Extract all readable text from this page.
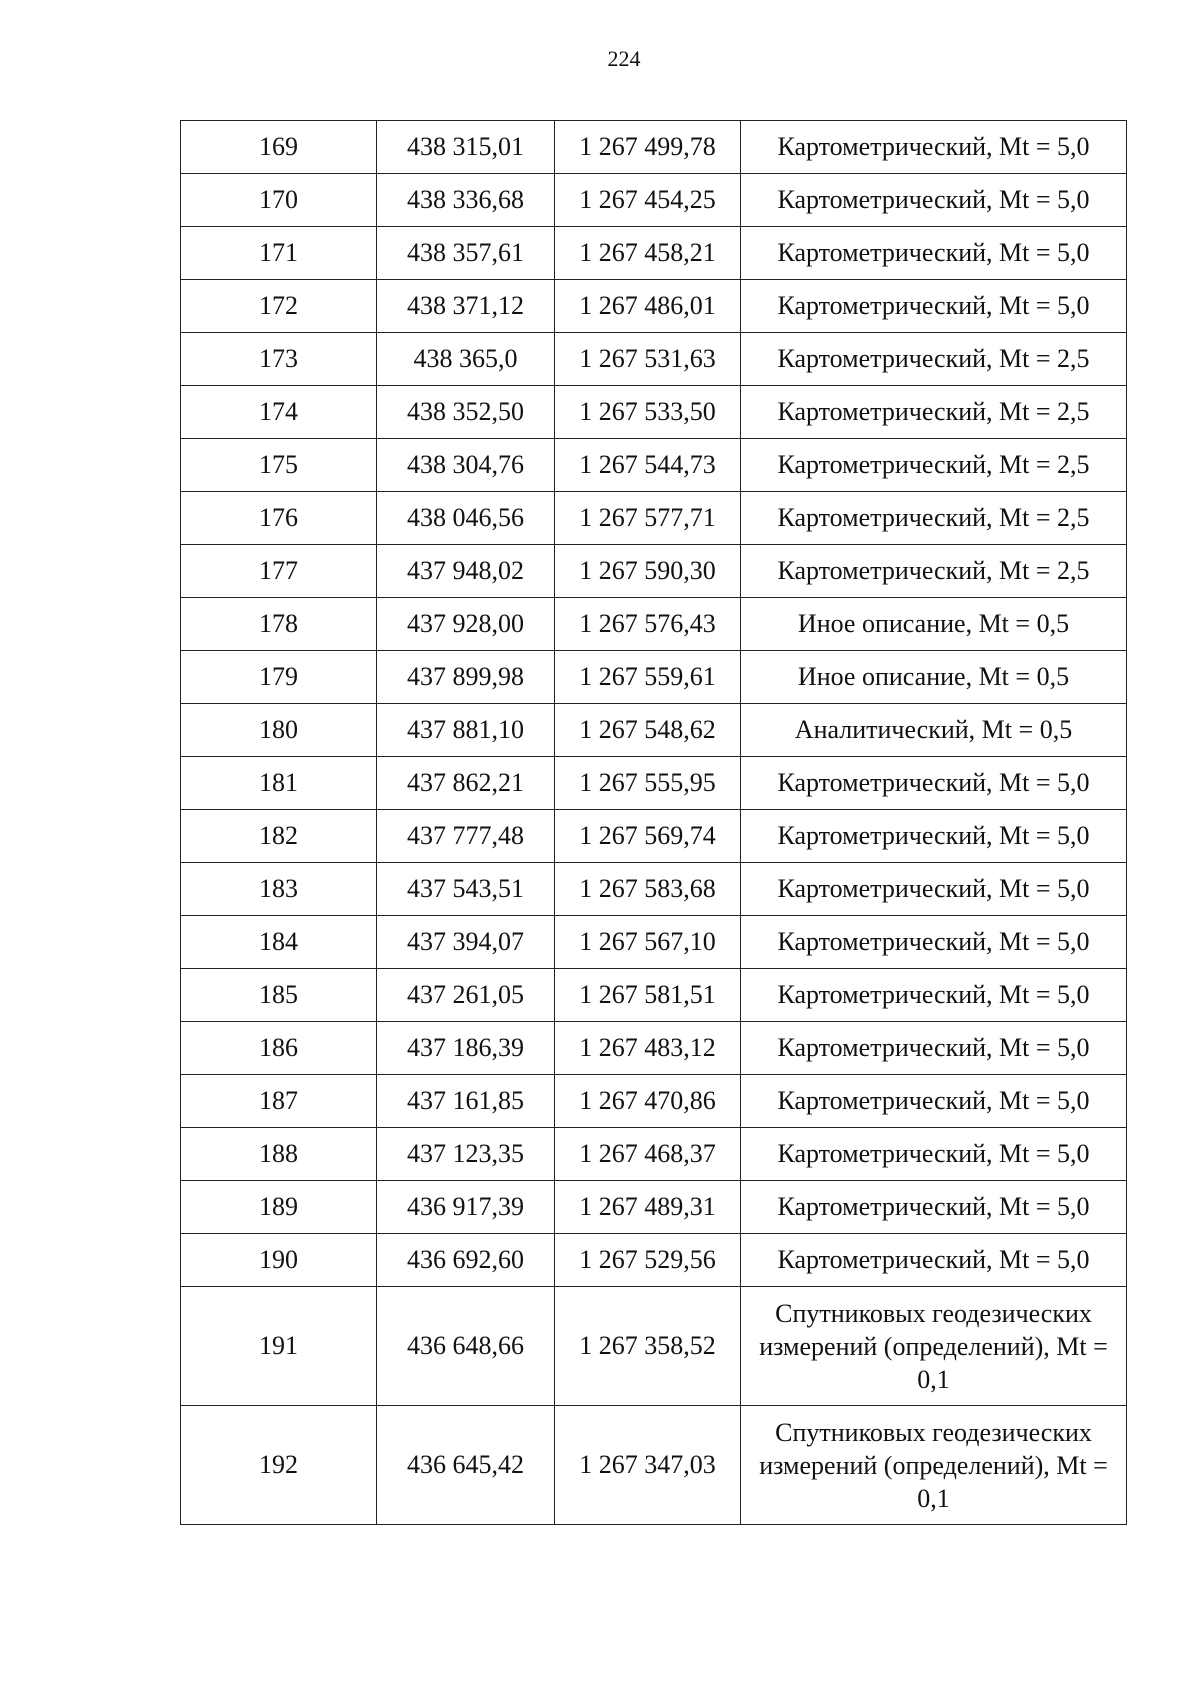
224
169	438 315,01	1 267 499,78	Картометрический, Mt = 5,0
170	438 336,68	1 267 454,25	Картометрический, Mt = 5,0
171	438 357,61	1 267 458,21	Картометрический, Mt = 5,0
172	438 371,12	1 267 486,01	Картометрический, Mt = 5,0
173	438 365,0	1 267 531,63	Картометрический, Mt = 2,5
174	438 352,50	1 267 533,50	Картометрический, Mt = 2,5
175	438 304,76	1 267 544,73	Картометрический, Mt = 2,5
176	438 046,56	1 267 577,71	Картометрический, Mt = 2,5
177	437 948,02	1 267 590,30	Картометрический, Mt = 2,5
178	437 928,00	1 267 576,43	Иное описание, Mt = 0,5
179	437 899,98	1 267 559,61	Иное описание, Mt = 0,5
180	437 881,10	1 267 548,62	Аналитический, Mt = 0,5
181	437 862,21	1 267 555,95	Картометрический, Mt = 5,0
182	437 777,48	1 267 569,74	Картометрический, Mt = 5,0
183	437 543,51	1 267 583,68	Картометрический, Mt = 5,0
184	437 394,07	1 267 567,10	Картометрический, Mt = 5,0
185	437 261,05	1 267 581,51	Картометрический, Mt = 5,0
186	437 186,39	1 267 483,12	Картометрический, Mt = 5,0
187	437 161,85	1 267 470,86	Картометрический, Mt = 5,0
188	437 123,35	1 267 468,37	Картометрический, Mt = 5,0
189	436 917,39	1 267 489,31	Картометрический, Mt = 5,0
190	436 692,60	1 267 529,56	Картометрический, Mt = 5,0
191	436 648,66	1 267 358,52	Спутниковых геодезических измерений (определений), Mt = 0,1
192	436 645,42	1 267 347,03	Спутниковых геодезических измерений (определений), Mt = 0,1
